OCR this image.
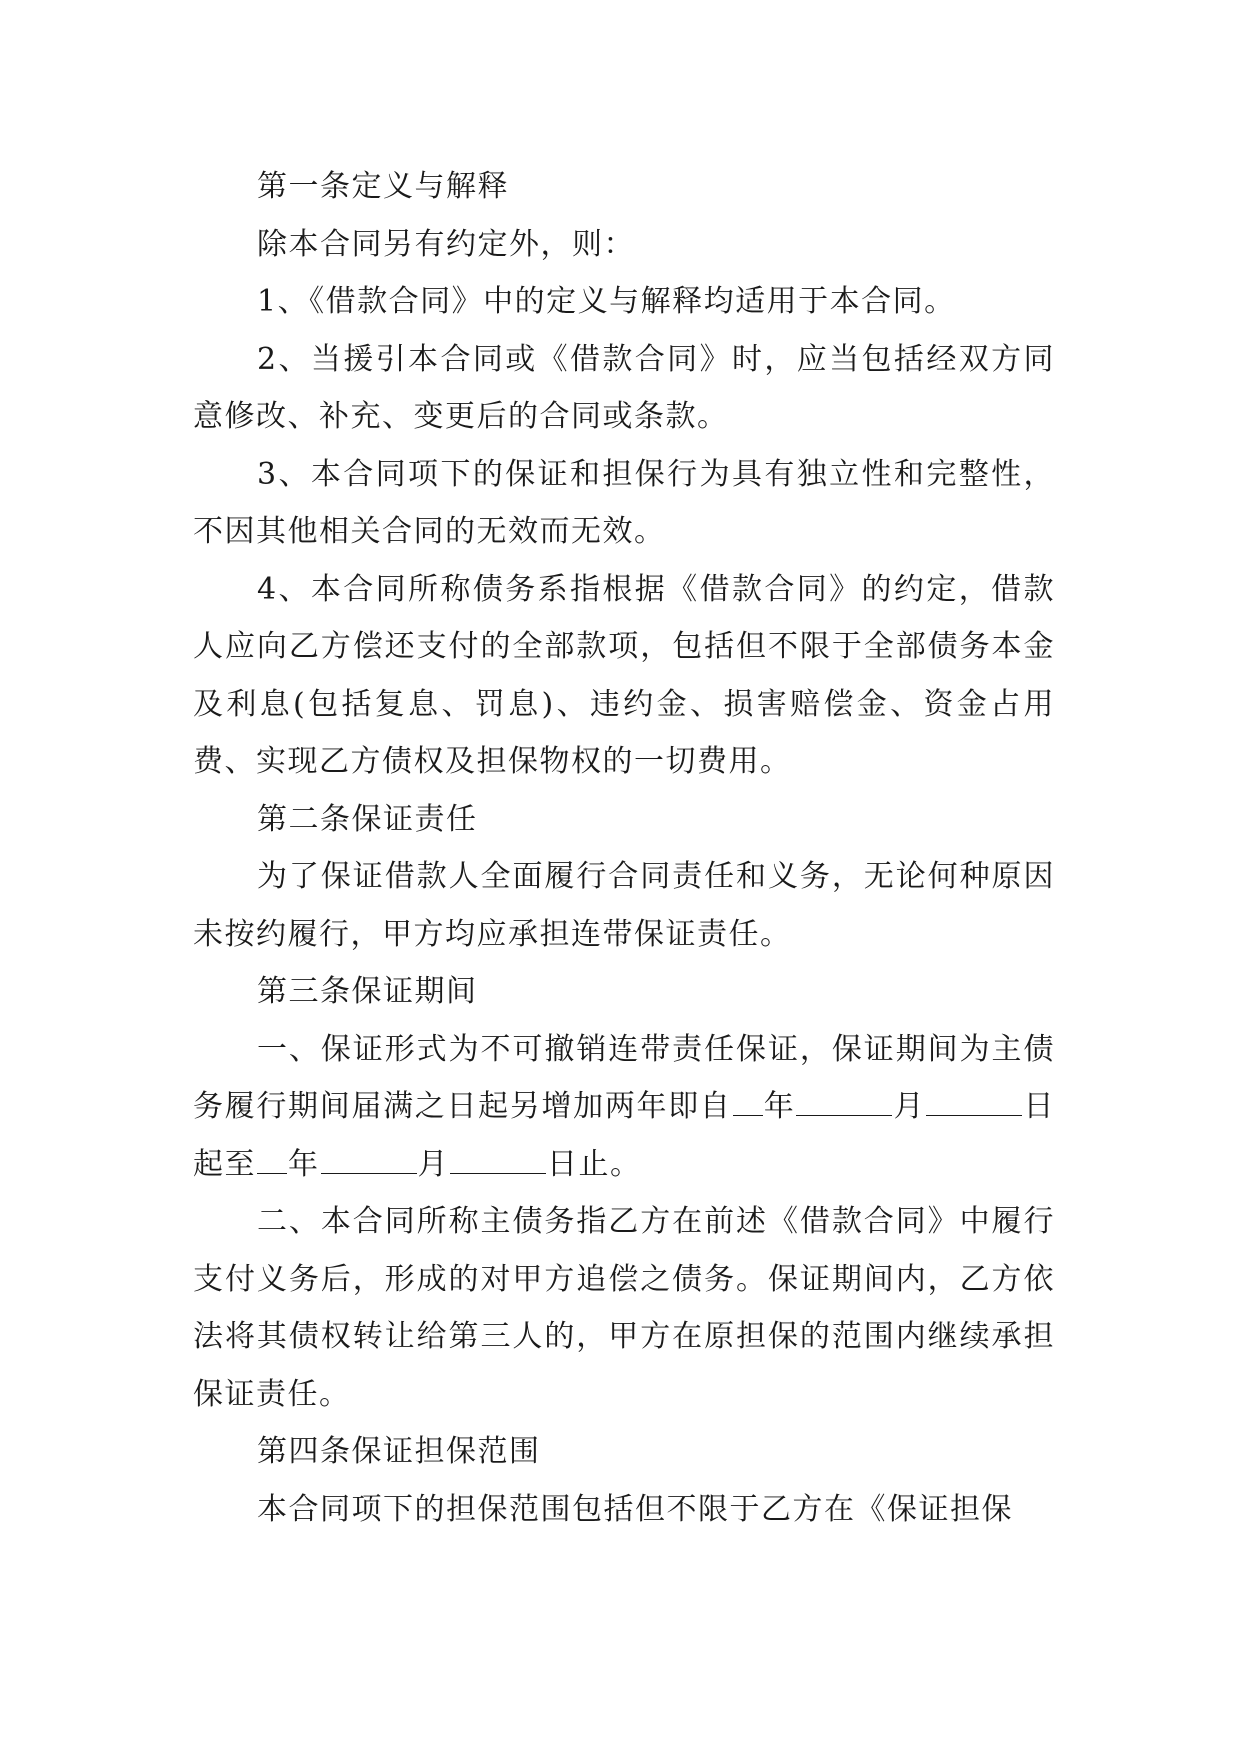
第一条定义与解释

除本合同另有约定外，则：

1、《借款合同》中的定义与解释均适用于本合同。

2、当援引本合同或《借款合同》时，应当包括经双方同意修改、补充、变更后的合同或条款。

3、本合同项下的保证和担保行为具有独立性和完整性，不因其他相关合同的无效而无效。

4、本合同所称债务系指根据《借款合同》的约定，借款人应向乙方偿还支付的全部款项，包括但不限于全部债务本金及利息(包括复息、罚息)、违约金、损害赔偿金、资金占用费、实现乙方债权及担保物权的一切费用。

第二条保证责任

为了保证借款人全面履行合同责任和义务，无论何种原因未按约履行，甲方均应承担连带保证责任。

第三条保证期间

一、保证形式为不可撤销连带责任保证，保证期间为主债务履行期间届满之日起另增加两年即自 年	月	日起至 年	月	日止。

二、本合同所称主债务指乙方在前述《借款合同》中履行支付义务后，形成的对甲方追偿之债务。保证期间内，乙方依法将其债权转让给第三人的，甲方在原担保的范围内继续承担保证责任。

第四条保证担保范围

本合同项下的担保范围包括但不限于乙方在《保证担保
